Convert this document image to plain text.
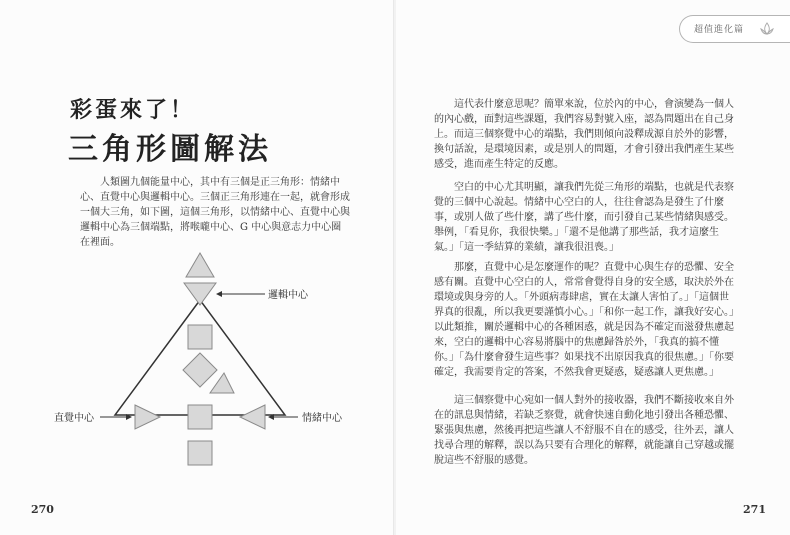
彩蛋來了！
三角形圖解法

人類圖九個能量中心，其中有三個是正三角形：情緒中心、直覺中心與邏輯中心。三個正三角形連在一起，就會形成一個大三角，如下圖，這個三角形，以情緒中心、直覺中心與邏輯中心為三個端點，將喉嚨中心、G 中心與意志力中心圈在裡面。

邏輯中心
直覺中心	情緒中心
270
超值進化篇

這代表什麼意思呢？簡單來說，位於內的中心，會演變為一個人的內心戲，面對這些課題，我們容易對號入座，認為問題出在自己身上。而這三個察覺中心的端點，我們則傾向設釋成源自於外的影響，換句話說，是環境因素，或是別人的問題，才會引發出我們產生某些感受，進而產生特定的反應。

空白的中心尤其明顯，讓我們先從三角形的端點，也就是代表察覺的三個中心說起。情緒中心空白的人，往往會認為是發生了什麼事，或別人做了些什麼，講了些什麼，而引發自己某些情緒與感受。舉例，「看見你，我很快樂。」「還不是他講了那些話，我才這麼生氣。」「這一季結算的業績，讓我很沮喪。」

那麼，直覺中心是怎麼運作的呢？直覺中心與生存的恐懼、安全感有關。直覺中心空白的人，常常會覺得自身的安全感，取決於外在環境或與身旁的人。「外頭病毒肆虐，實在太讓人害怕了。」「這個世界真的很亂，所以我更要謹慎小心。」「和你一起工作，讓我好安心。」以此類推，關於邏輯中心的各種困惑，就是因為不確定而滋發焦慮起來，空白的邏輯中心容易將腦中的焦慮歸咎於外，「我真的搞不懂你。」「為什麼會發生這些事？如果找不出原因我真的很焦慮。」「你要確定，我需要肯定的答案，不然我會更疑惑，疑惑讓人更焦慮。」

這三個察覺中心宛如一個人對外的接收器，我們不斷接收來自外在的訊息與情緒，若缺乏察覺，就會快速自動化地引發出各種恐懼、緊張與焦慮，然後再把這些讓人不舒服不自在的感受，往外丟，讓人找尋合理的解釋，誤以為只要有合理化的解釋，就能讓自己穿越或擺脫這些不舒服的感覺。

271
